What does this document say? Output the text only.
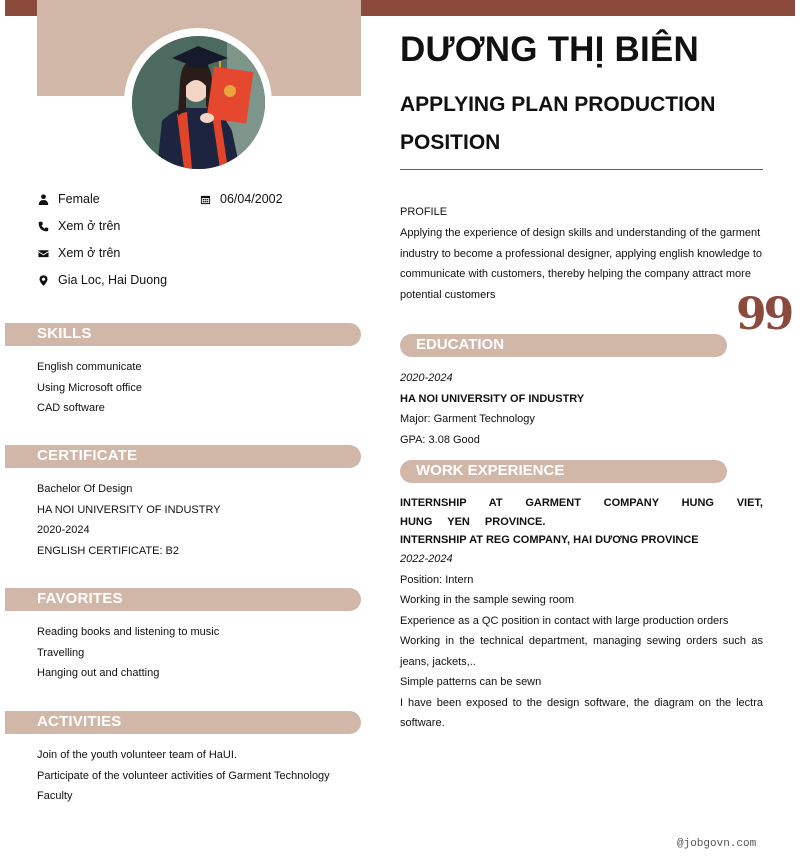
Female	06/04/2002
Xem ở trên
Xem ở trên
Gia Loc, Hai Duong
SKILLS
English communicate
Using Microsoft office
CAD software
CERTIFICATE
Bachelor Of Design
HA NOI UNIVERSITY OF INDUSTRY
2020-2024
ENGLISH CERTIFICATE: B2
FAVORITES
Reading books and listening to music
Travelling
Hanging out and chatting
ACTIVITIES
Join of the youth volunteer team of HaUI.
Participate of the volunteer activities of Garment Technology
Faculty
DƯƠNG THỊ BIÊN
APPLYING PLAN PRODUCTION POSITION
PROFILE
Applying the experience of design skills and understanding of the garment industry to become a professional designer, applying english knowledge to communicate with customers, thereby helping the company attract more potential customers	99
EDUCATION
2020-2024
HA NOI UNIVERSITY OF INDUSTRY
Major: Garment Technology
GPA: 3.08 Good
WORK EXPERIENCE
INTERNSHIP AT GARMENT COMPANY HUNG VIET, HUNG YEN PROVINCE.
INTERNSHIP AT REG COMPANY, HAI DƯƠNG PROVINCE
2022-2024
Position: Intern
Working in the sample sewing room
Experience as a QC position in contact with large production orders
Working in the technical department, managing sewing orders such as jeans, jackets,..
Simple patterns can be sewn
I have been exposed to the design software, the diagram on the lectra software.
@jobgovn.com
